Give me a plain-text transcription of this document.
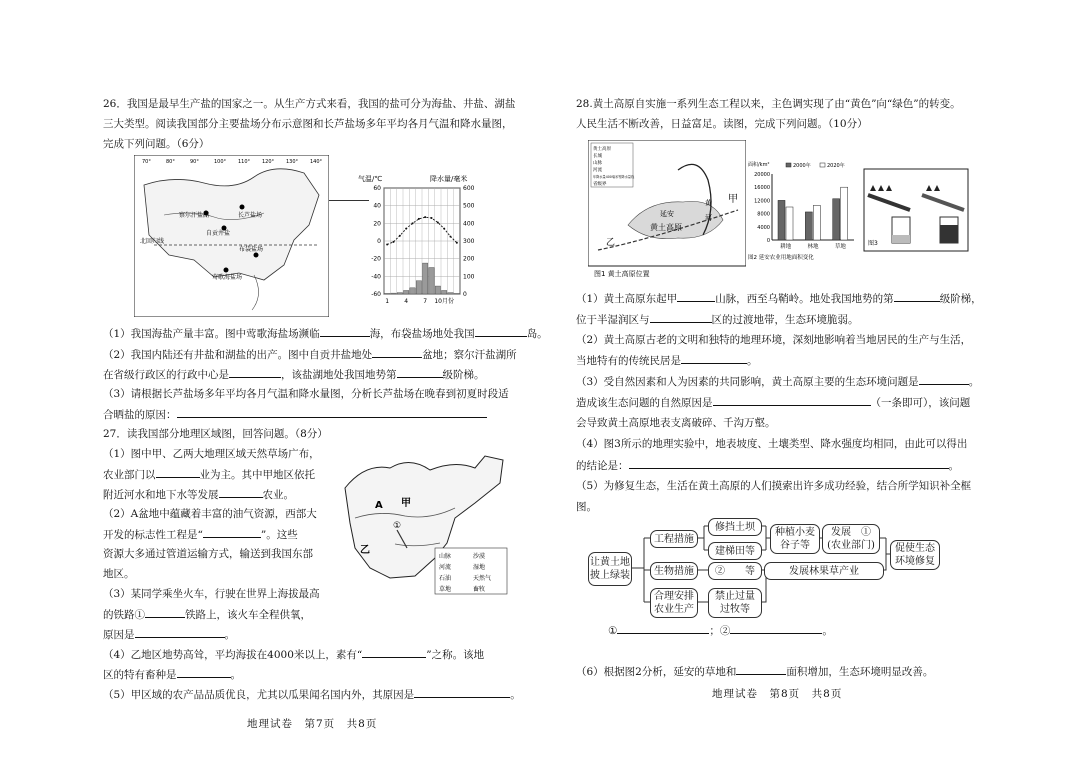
26．我国是最早生产盐的国家之一。从生产方式来看，我国的盐可分为海盐、井盐、湖盐
三大类型。阅读我国部分主要盐场分布示意图和长芦盐场多年平均各月气温和降水量图，
完成下列问题。（6分）
察尔汗盐湖	长芦盐场
自贡井盐
布袋盐场
莺歌海盐场
北回归线
70°	80°	90°	100° 110° 120° 130° 140°
气温/℃	降水量/毫米
-60
-40
-20
0
20
40
60
0
100
200
300
400
500
600
1	4	7 10月份
（1）我国海盐产量丰富。图中莺歌海盐场濒临	海，布袋盐场地处我国	岛。
（2）我国内陆还有井盐和湖盐的出产。图中自贡井盐地处	盆地；察尔汗盐湖所
在省级行政区的行政中心是	，该盐湖地处我国地势第	级阶梯。
（3）请根据长芦盐场多年平均各月气温和降水量图，分析长芦盐场在晚春到初夏时段适
合晒盐的原因：
27．读我国部分地理区域图，回答问题。（8分）
（1）图中甲、乙两大地理区域天然草场广布，
农业部门以	业为主。其中甲地区依托
附近河水和地下水等发展	农业。
（2）A盆地中蕴藏着丰富的油气资源，西部大
开发的标志性工程是“	”。这些
资源大多通过管道运输方式，输送到我国东部
地区。
（3）某同学乘坐火车，行驶在世界上海拔最高
的铁路①	铁路上，该火车全程供氧，
原因是	。
（4）乙地区地势高耸，平均海拔在4000米以上，素有“	”之称。该地
区的特有畜种是	。
（5）甲区域的农产品品质优良，尤其以瓜果闻名国内外，其原因是	。
A 甲
乙
①
山脉	沙漠
河流	湿地
石油	天然气
草地	畜牧
地理试卷　第7页　共8页
28.黄土高原自实施一系列生态工程以来，主色调实现了由“黄色”向“绿色”的转变。
人民生活不断改善，日益富足。读图，完成下列问题。（10分）
黄土高原
长城
山脉
河流
年降水量400毫米等降水量线
省级界
黄土高原
甲
延安
黄
河
乙
图1 黄土高原位置
面积/km²
图2 延安农业用地面积变化
0
4000
8000
12000
16000
20000
2000年	2020年
耕地	林地	草地	图3
（1）黄土高原东起甲	山脉，西至乌鞘岭。地处我国地势的第	级阶梯，
位于半湿润区与	区的过渡地带，生态环境脆弱。
（2）黄土高原古老的文明和独特的地理环境，深刻地影响着当地居民的生产与生活，
当地特有的传统民居是	。
（3）受自然因素和人为因素的共同影响，黄土高原主要的生态环境问题是	。
造成该生态问题的自然原因是	（一条即可），该问题
会导致黄土高原地表支离破碎、千沟万壑。
（4）图3所示的地理实验中，地表坡度、土壤类型、降水强度均相同，由此可以得出
的结论是：	。
（5）为修复生态，生活在黄土高原的人们摸索出许多成功经验，结合所学知识补全框
图。
让黄土地
披上绿装
工程措施
生物措施
合理安排
农业生产
修挡土坝
建梯田等
②　　等
禁止过量
过牧等
种植小麦
谷子等
发展　①
(农业部门)
发展林果草产业
促使生态
环境修复
①	；②	。
（6）根据图2分析，延安的草地和	面积增加，生态环境明显改善。
地理试卷　第8页　共8页
